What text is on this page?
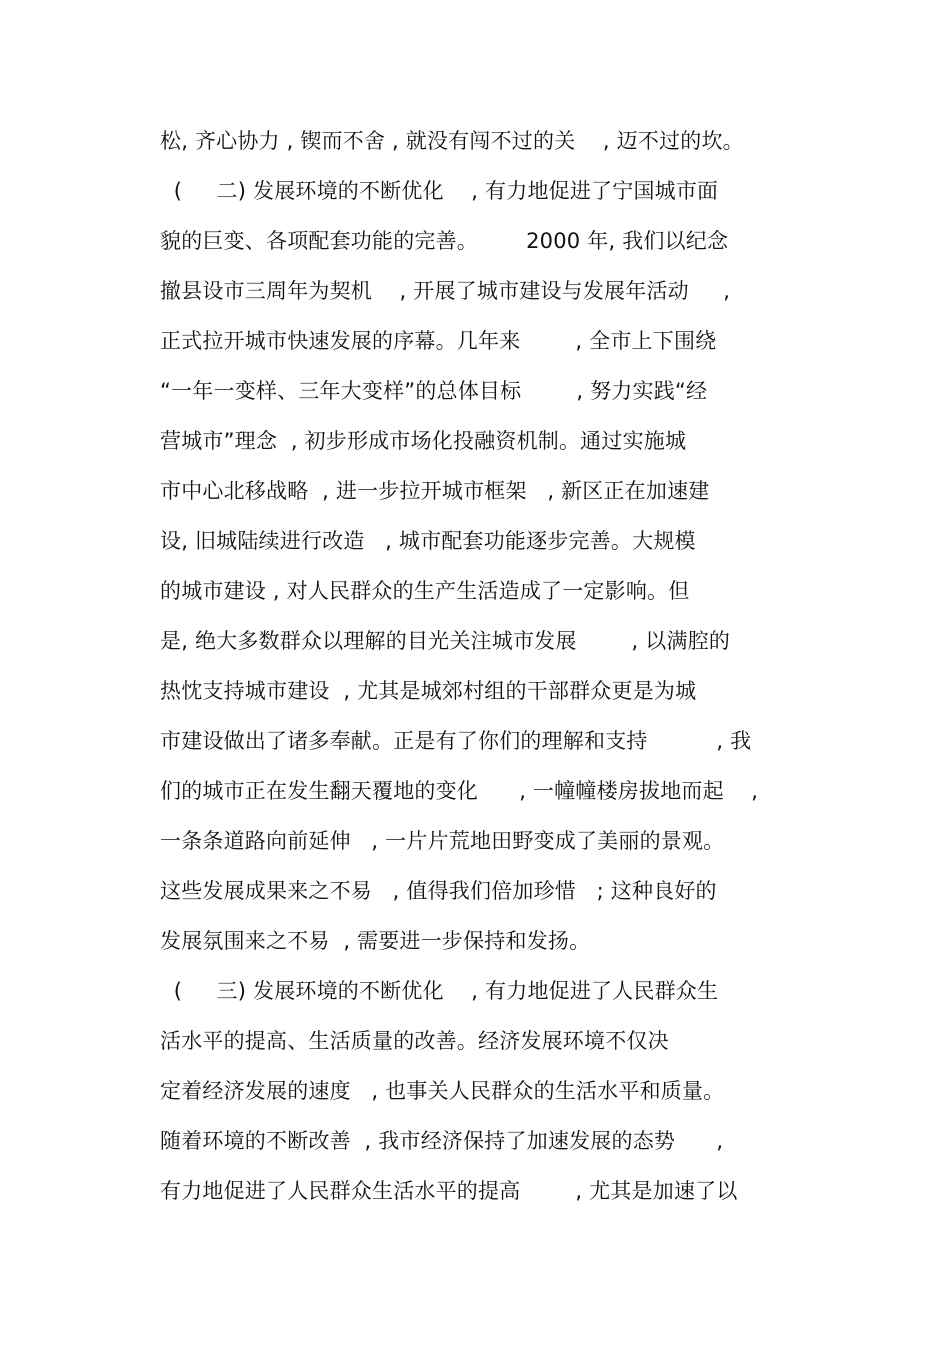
松, 齐心协力 , 锲而不舍 , 就没有闯不过的关    , 迈不过的坎。
(     二) 发展环境的不断优化    , 有力地促进了宁国城市面
貌的巨变、各项配套功能的完善。       2000 年, 我们以纪念
撤县设市三周年为契机    , 开展了城市建设与发展年活动     ,
正式拉开城市快速发展的序幕。几年来        , 全市上下围绕
“一年一变样、三年大变样”的总体目标        , 努力实践“经
营城市”理念  , 初步形成市场化投融资机制。通过实施城
市中心北移战略  , 进一步拉开城市框架   , 新区正在加速建
设, 旧城陆续进行改造   , 城市配套功能逐步完善。大规模
的城市建设 , 对人民群众的生产生活造成了一定影响。但
是, 绝大多数群众以理解的目光关注城市发展        , 以满腔的
热忱支持城市建设  , 尤其是城郊村组的干部群众更是为城
市建设做出了诸多奉献。正是有了你们的理解和支持          , 我
们的城市正在发生翻天覆地的变化      , 一幢幢楼房拔地而起    ,
一条条道路向前延伸   , 一片片荒地田野变成了美丽的景观。
这些发展成果来之不易   , 值得我们倍加珍惜   ; 这种良好的
发展氛围来之不易  , 需要进一步保持和发扬。
(     三) 发展环境的不断优化    , 有力地促进了人民群众生
活水平的提高、生活质量的改善。经济发展环境不仅决
定着经济发展的速度   , 也事关人民群众的生活水平和质量。
随着环境的不断改善  , 我市经济保持了加速发展的态势      ,
有力地促进了人民群众生活水平的提高        , 尤其是加速了以
